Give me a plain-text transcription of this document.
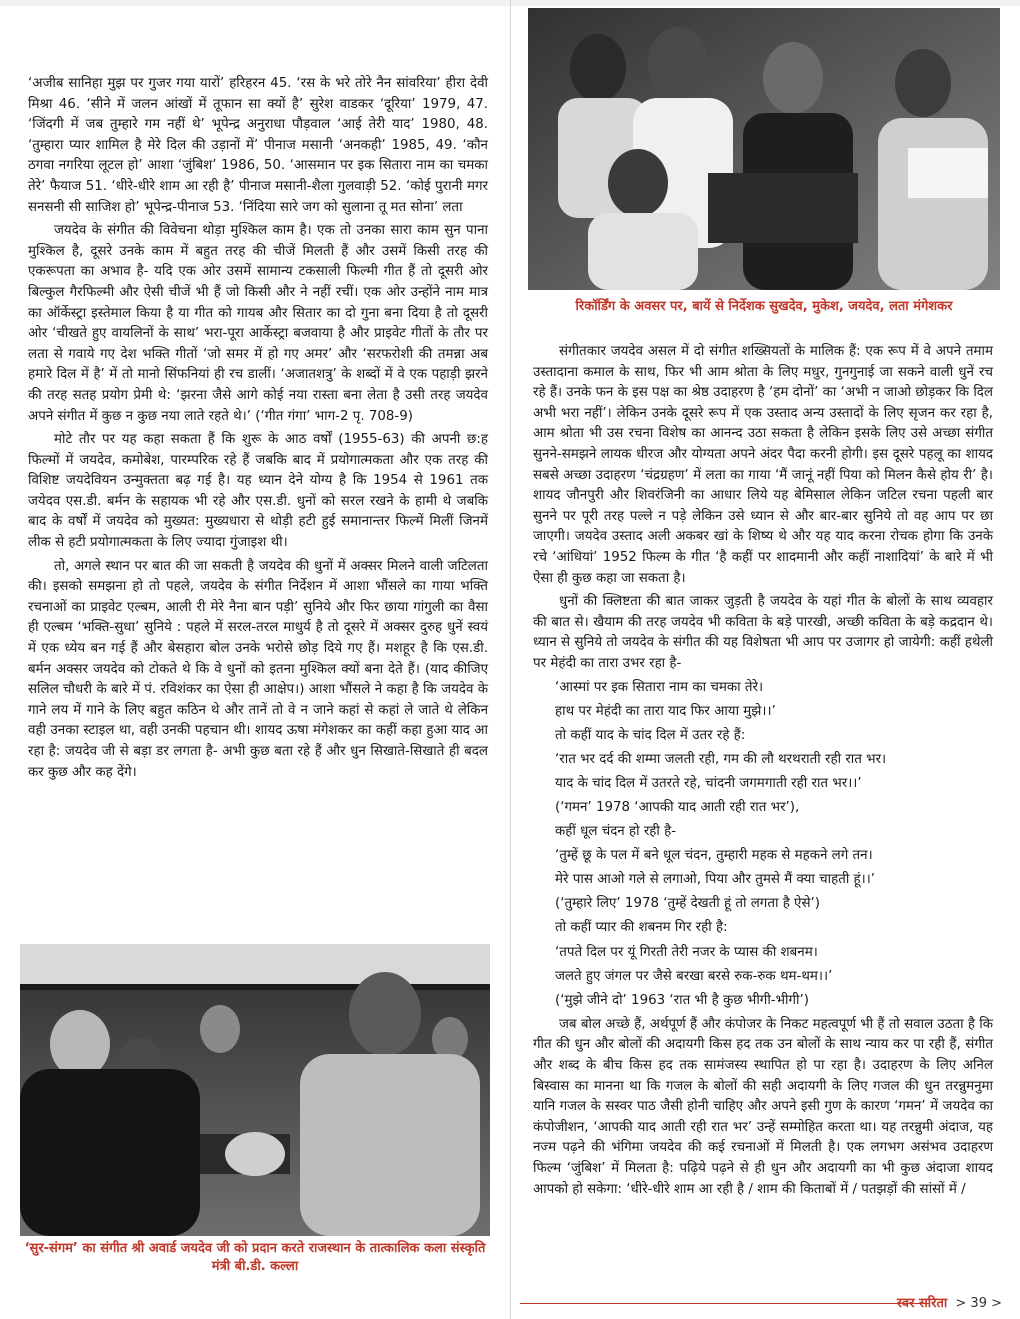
‘अजीब सानिहा मुझ पर गुजर गया यारों’ हरिहरन 45. ‘रस के भरे तोरे नैन सांवरिया’ हीरा देवी मिश्रा 46. ‘सीने में जलन आंखों में तूफान सा क्यों है’ सुरेश वाडकर ‘दूरिया’ 1979, 47. ‘जिंदगी में जब तुम्हारे गम नहीं थे’ भूपेन्द्र अनुराधा पौड़वाल ‘आई तेरी याद’ 1980, 48. ‘तुम्हारा प्यार शामिल है मेरे दिल की उड़ानों में’ पीनाज मसानी ‘अनकही’ 1985, 49. ‘कौन ठगवा नगरिया लूटल हो’ आशा ‘जुंबिश’ 1986, 50. ‘आसमान पर इक सितारा नाम का चमका तेरे’ फैयाज 51. ‘धीरे-धीरे शाम आ रही है’ पीनाज मसानी-शैला गुलवाड़ी 52. ‘कोई पुरानी मगर सनसनी सी साजिश हो’ भूपेन्द्र-पीनाज 53. ‘निंदिया सारे जग को सुलाना तू मत सोना’ लता

जयदेव के संगीत की विवेचना थोड़ा मुश्किल काम है। एक तो उनका सारा काम सुन पाना मुश्किल है, दूसरे उनके काम में बहुत तरह की चीजें मिलती हैं और उसमें किसी तरह की एकरूपता का अभाव है- यदि एक ओर उसमें सामान्य टकसाली फिल्मी गीत हैं तो दूसरी ओर बिल्कुल गैरफिल्मी और ऐसी चीजें भी हैं जो किसी और ने नहीं रचीं। एक ओर उन्होंने नाम मात्र का ऑर्केस्ट्रा इस्तेमाल किया है या गीत को गायब और सितार का दो गुना बना दिया है तो दूसरी ओर ‘चीखते हुए वायलिनों के साथ’ भरा-पूरा आर्केस्ट्रा बजवाया है और प्राइवेट गीतों के तौर पर लता से गवाये गए देश भक्ति गीतों ‘जो समर में हो गए अमर’ और ‘सरफरोशी की तमन्ना अब हमारे दिल में है’ में तो मानो सिंफनियां ही रच डालीं। ‘अजातशत्रु’ के शब्दों में वे एक पहाड़ी झरने की तरह सतह प्रयोग प्रेमी थे: ‘झरना जैसे आगे कोई नया रास्ता बना लेता है उसी तरह जयदेव अपने संगीत में कुछ न कुछ नया लाते रहते थे।’ (‘गीत गंगा’ भाग-2 पृ. 708-9)

मोटे तौर पर यह कहा सकता हैं कि शुरू के आठ वर्षों (1955-63) की अपनी छ:ह फिल्मों में जयदेव, कमोबेश, पारम्परिक रहे हैं जबकि बाद में प्रयोगात्मकता और एक तरह की विशिष्ट जयदेवियन उन्मुक्तता बढ़ गई है। यह ध्यान देने योग्य है कि 1954 से 1961 तक जयेदव एस.डी. बर्मन के सहायक भी रहे और एस.डी. धुनों को सरल रखने के हामी थे जबकि बाद के वर्षों में जयदेव को मुख्यत: मुख्यधारा से थोड़ी हटी हुई समानान्तर फिल्में मिलीं जिनमें लीक से हटी प्रयोगात्मकता के लिए ज्यादा गुंजाइश थी।

तो, अगले स्थान पर बात की जा सकती है जयदेव की धुनों में अक्सर मिलने वाली जटिलता की। इसको समझना हो तो पहले, जयदेव के संगीत निर्देशन में आशा भौंसले का गाया भक्ति रचनाओं का प्राइवेट एल्बम, आली री मेरे नैना बान पड़ी’ सुनिये और फिर छाया गांगुली का वैसा ही एल्बम ‘भक्ति-सुधा’ सुनिये : पहले में सरल-तरल माधुर्य है तो दूसरे में अक्सर दुरुह धुनें स्वयं में एक ध्येय बन गई हैं और बेसहारा बोल उनके भरोसे छोड़ दिये गए हैं। मशहूर है कि एस.डी. बर्मन अक्सर जयदेव को टोकते थे कि वे धुनों को इतना मुश्किल क्यों बना देते हैं। (याद कीजिए सलिल चौधरी के बारे में पं. रविशंकर का ऐसा ही आक्षेप।) आशा भौंसले ने कहा है कि जयदेव के गाने लय में गाने के लिए बहुत कठिन थे और तानें तो वे न जाने कहां से कहां ले जाते थे लेकिन वही उनका स्टाइल था, वही उनकी पहचान थी। शायद ऊषा मंगेशकर का कहीं कहा हुआ याद आ रहा है: जयदेव जी से बड़ा डर लगता है- अभी कुछ बता रहे हैं और धुन सिखाते-सिखाते ही बदल कर कुछ और कह देंगे।

रिकॉर्डिंग के अवसर पर, बायें से निर्देशक सुखदेव, मुकेश, जयदेव, लता मंगेशकर

संगीतकार जयदेव असल में दो संगीत शख्सियतों के मालिक हैं: एक रूप में वे अपने तमाम उस्तादाना कमाल के साथ, फिर भी आम श्रोता के लिए मधुर, गुनगुनाई जा सकने वाली धुनें रच रहे हैं। उनके फन के इस पक्ष का श्रेष्ठ उदाहरण है ‘हम दोनों’ का ‘अभी न जाओ छोड़कर कि दिल अभी भरा नहीं’। लेकिन उनके दूसरे रूप में एक उस्ताद अन्य उस्तादों के लिए सृजन कर रहा है, आम श्रोता भी उस रचना विशेष का आनन्द उठा सकता है लेकिन इसके लिए उसे अच्छा संगीत सुनने-समझने लायक धीरज और योग्यता अपने अंदर पैदा करनी होगी। इस दूसरे पहलू का शायद सबसे अच्छा उदाहरण ‘चंद्रग्रहण’ में लता का गाया ‘मैं जानूं नहीं पिया को मिलन कैसे होय री’ है। शायद जौनपुरी और शिवरंजिनी का आधार लिये यह बेमिसाल लेकिन जटिल रचना पहली बार सुनने पर पूरी तरह पल्ले न पड़े लेकिन उसे ध्यान से और बार-बार सुनिये तो वह आप पर छा जाएगी। जयदेव उस्ताद अली अकबर खां के शिष्य थे और यह याद करना रोचक होगा कि उनके रचे ‘आंधियां’ 1952 फिल्म के गीत ‘है कहीं पर शादमानी और कहीं नाशादियां’ के बारे में भी ऐसा ही कुछ कहा जा सकता है।

धुनों की क्लिष्टता की बात जाकर जुड़ती है जयदेव के यहां गीत के बोलों के साथ व्यवहार की बात से। खैयाम की तरह जयदेव भी कविता के बड़े पारखी, अच्छी कविता के बड़े कद्रदान थे। ध्यान से सुनिये तो जयदेव के संगीत की यह विशेषता भी आप पर उजागर हो जायेगी: कहीं हथेली पर मेहंदी का तारा उभर रहा है-

‘आस्मां पर इक सितारा नाम का चमका तेरे।

हाथ पर मेहंदी का तारा याद फिर आया मुझे।।’

तो कहीं याद के चांद दिल में उतर रहे हैं:

‘रात भर दर्द की शम्मा जलती रही, गम की लौ थरथराती रही रात भर।

याद के चांद दिल में उतरते रहे, चांदनी जगमगाती रही रात भर।।’

(‘गमन’ 1978 ‘आपकी याद आती रही रात भर’),

कहीं धूल चंदन हो रही है-

‘तुम्हें छू के पल में बने धूल चंदन, तुम्हारी महक से महकने लगे तन।

मेरे पास आओ गले से लगाओ, पिया और तुमसे मैं क्या चाहती हूं।।’

(‘तुम्हारे लिए’ 1978 ‘तुम्हें देखती हूं तो लगता है ऐसे’)

तो कहीं प्यार की शबनम गिर रही है:

‘तपते दिल पर यूं गिरती तेरी नजर के प्यास की शबनम।

जलते हुए जंगल पर जैसे बरखा बरसे रुक-रुक थम-थम।।’

(‘मुझे जीने दो’ 1963 ‘रात भी है कुछ भीगी-भीगी’)

जब बोल अच्छे हैं, अर्थपूर्ण हैं और कंपोजर के निकट महत्वपूर्ण भी हैं तो सवाल उठता है कि गीत की धुन और बोलों की अदायगी किस हद तक उन बोलों के साथ न्याय कर पा रही हैं, संगीत और शब्द के बीच किस हद तक सामंजस्य स्थापित हो पा रहा है। उदाहरण के लिए अनिल बिस्वास का मानना था कि गजल के बोलों की सही अदायगी के लिए गजल की धुन तरन्नुमनुमा यानि गजल के सस्वर पाठ जैसी होनी चाहिए और अपने इसी गुण के कारण ‘गमन’ में जयदेव का कंपोजीशन, ‘आपकी याद आती रही रात भर’ उन्हें सम्मोहित करता था। यह तरन्नुमी अंदाज, यह नज्म पढ़ने की भंगिमा जयदेव की कई रचनाओं में मिलती है। एक लगभग असंभव उदाहरण फिल्म ‘जुंबिश’ में मिलता है: पढ़िये पढ़ने से ही धुन और अदायगी का भी कुछ अंदाजा शायद आपको हो सकेगा: ‘धीरे-धीरे शाम आ रही है / शाम की किताबों में / पतझड़ों की सांसों में /

‘सुर-संगम’ का संगीत श्री अवार्ड जयदेव जी को प्रदान करते राजस्थान के तात्कालिक कला संस्कृति मंत्री बी.डी. कल्ला
स्वर सरिता > 39 >
